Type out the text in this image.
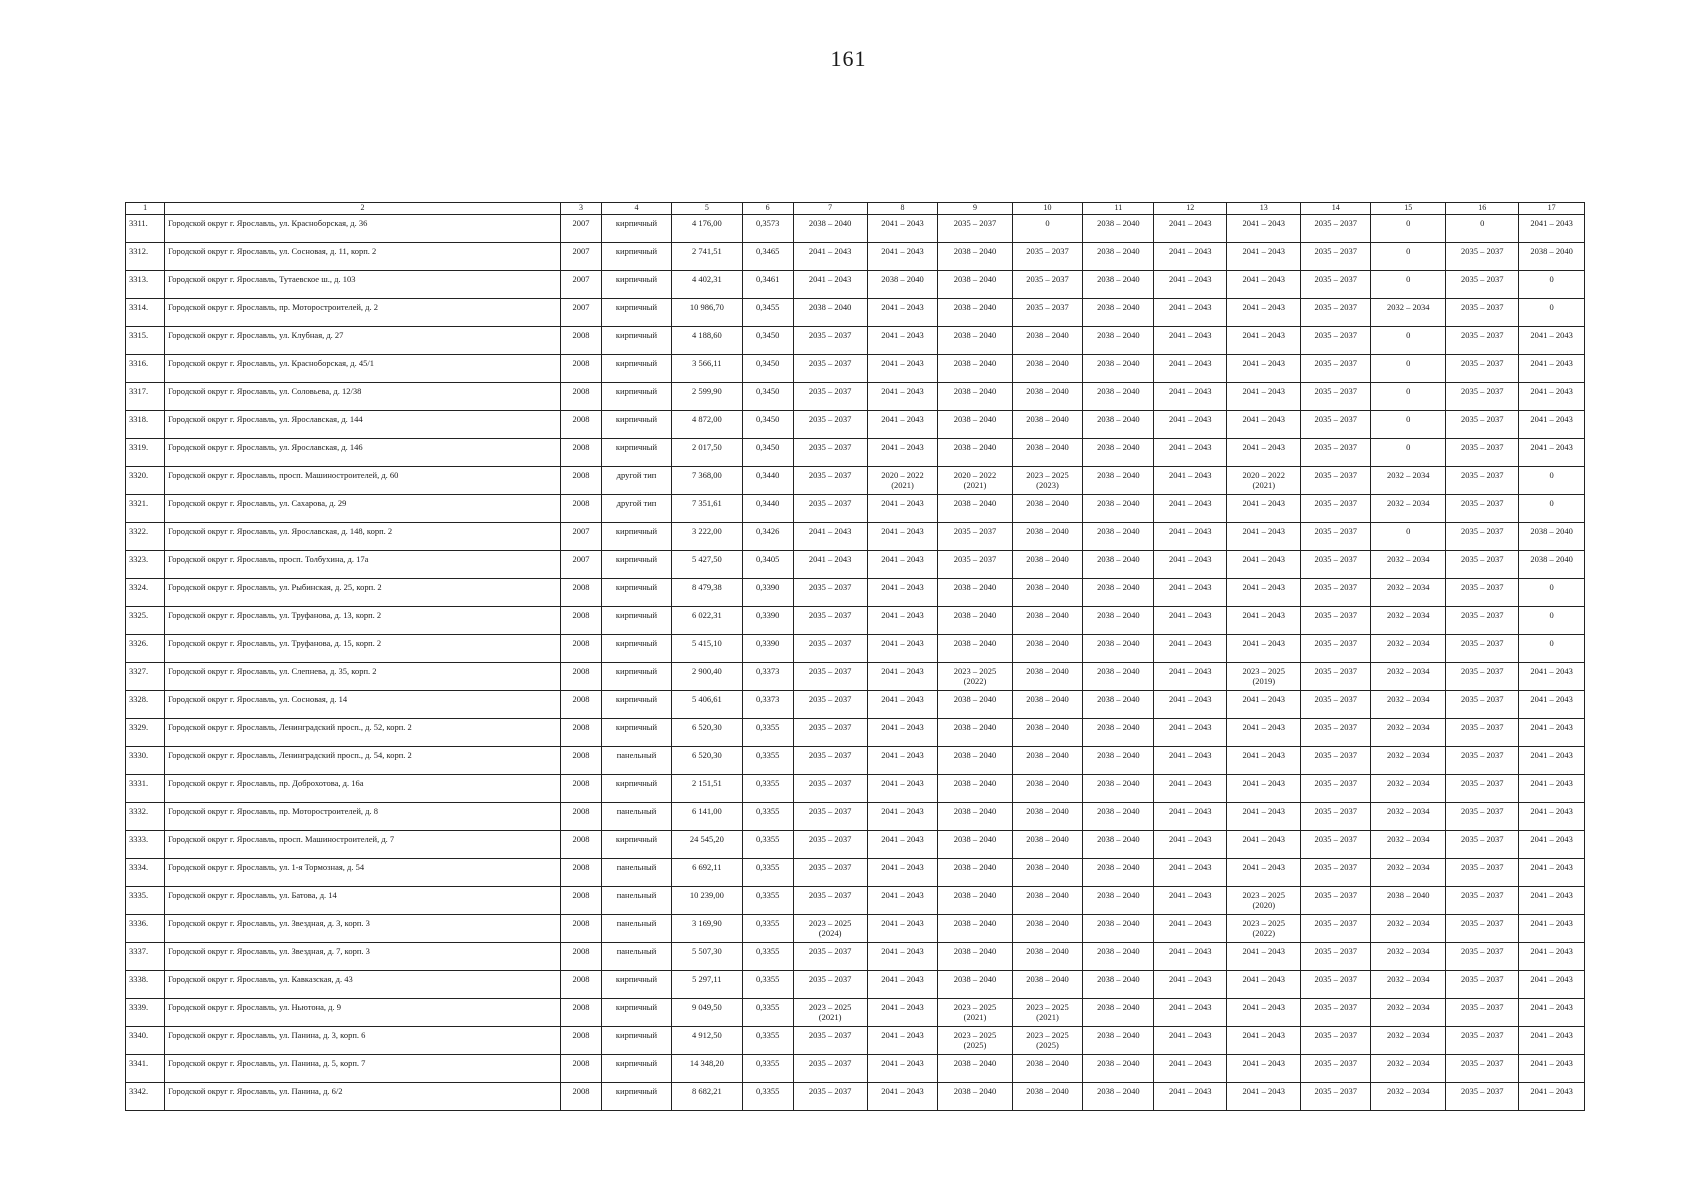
161
1	2	3	4	5	6	7	8	9	10	11	12	13	14	15	16	17

3311.	Городской округ г. Ярославль, ул. Красноборская, д. 36	2007	кирпичный	4 176,00	0,3573	2038 – 2040	2041 – 2043	2035 – 2037	0	2038 – 2040	2041 – 2043	2041 – 2043	2035 – 2037	0	0	2041 – 2043

3312.	Городской округ г. Ярославль, ул. Сосновая, д. 11, корп. 2	2007	кирпичный	2 741,51	0,3465	2041 – 2043	2041 – 2043	2038 – 2040	2035 – 2037	2038 – 2040	2041 – 2043	2041 – 2043	2035 – 2037	0	2035 – 2037	2038 – 2040

3313.	Городской округ г. Ярославль, Тутаевское ш., д. 103	2007	кирпичный	4 402,31	0,3461	2041 – 2043	2038 – 2040	2038 – 2040	2035 – 2037	2038 – 2040	2041 – 2043	2041 – 2043	2035 – 2037	0	2035 – 2037	0

3314.	Городской округ г. Ярославль, пр. Моторостроителей, д. 2	2007	кирпичный	10 986,70	0,3455	2038 – 2040	2041 – 2043	2038 – 2040	2035 – 2037	2038 – 2040	2041 – 2043	2041 – 2043	2035 – 2037	2032 – 2034	2035 – 2037	0

3315.	Городской округ г. Ярославль, ул. Клубная, д. 27	2008	кирпичный	4 188,60	0,3450	2035 – 2037	2041 – 2043	2038 – 2040	2038 – 2040	2038 – 2040	2041 – 2043	2041 – 2043	2035 – 2037	0	2035 – 2037	2041 – 2043

3316.	Городской округ г. Ярославль, ул. Красноборская, д. 45/1	2008	кирпичный	3 566,11	0,3450	2035 – 2037	2041 – 2043	2038 – 2040	2038 – 2040	2038 – 2040	2041 – 2043	2041 – 2043	2035 – 2037	0	2035 – 2037	2041 – 2043

3317.	Городской округ г. Ярославль, ул. Соловьева, д. 12/38	2008	кирпичный	2 599,90	0,3450	2035 – 2037	2041 – 2043	2038 – 2040	2038 – 2040	2038 – 2040	2041 – 2043	2041 – 2043	2035 – 2037	0	2035 – 2037	2041 – 2043

3318.	Городской округ г. Ярославль, ул. Ярославская, д. 144	2008	кирпичный	4 872,00	0,3450	2035 – 2037	2041 – 2043	2038 – 2040	2038 – 2040	2038 – 2040	2041 – 2043	2041 – 2043	2035 – 2037	0	2035 – 2037	2041 – 2043

3319.	Городской округ г. Ярославль, ул. Ярославская, д. 146	2008	кирпичный	2 017,50	0,3450	2035 – 2037	2041 – 2043	2038 – 2040	2038 – 2040	2038 – 2040	2041 – 2043	2041 – 2043	2035 – 2037	0	2035 – 2037	2041 – 2043

3320.	Городской округ г. Ярославль, просп. Машиностроителей, д. 60	2008	другой тип	7 368,00	0,3440	2035 – 2037	2020 – 2022
(2021)	2020 – 2022
(2021)	2023 – 2025
(2023)	2038 – 2040	2041 – 2043	2020 – 2022
(2021)	2035 – 2037	2032 – 2034	2035 – 2037	0

3321.	Городской округ г. Ярославль, ул. Сахарова, д. 29	2008	другой тип	7 351,61	0,3440	2035 – 2037	2041 – 2043	2038 – 2040	2038 – 2040	2038 – 2040	2041 – 2043	2041 – 2043	2035 – 2037	2032 – 2034	2035 – 2037	0

3322.	Городской округ г. Ярославль, ул. Ярославская, д. 148, корп. 2	2007	кирпичный	3 222,00	0,3426	2041 – 2043	2041 – 2043	2035 – 2037	2038 – 2040	2038 – 2040	2041 – 2043	2041 – 2043	2035 – 2037	0	2035 – 2037	2038 – 2040

3323.	Городской округ г. Ярославль, просп. Толбухина, д. 17а	2007	кирпичный	5 427,50	0,3405	2041 – 2043	2041 – 2043	2035 – 2037	2038 – 2040	2038 – 2040	2041 – 2043	2041 – 2043	2035 – 2037	2032 – 2034	2035 – 2037	2038 – 2040

3324.	Городской округ г. Ярославль, ул. Рыбинская, д. 25, корп. 2	2008	кирпичный	8 479,38	0,3390	2035 – 2037	2041 – 2043	2038 – 2040	2038 – 2040	2038 – 2040	2041 – 2043	2041 – 2043	2035 – 2037	2032 – 2034	2035 – 2037	0

3325.	Городской округ г. Ярославль, ул. Труфанова, д. 13, корп. 2	2008	кирпичный	6 022,31	0,3390	2035 – 2037	2041 – 2043	2038 – 2040	2038 – 2040	2038 – 2040	2041 – 2043	2041 – 2043	2035 – 2037	2032 – 2034	2035 – 2037	0

3326.	Городской округ г. Ярославль, ул. Труфанова, д. 15, корп. 2	2008	кирпичный	5 415,10	0,3390	2035 – 2037	2041 – 2043	2038 – 2040	2038 – 2040	2038 – 2040	2041 – 2043	2041 – 2043	2035 – 2037	2032 – 2034	2035 – 2037	0

3327.	Городской округ г. Ярославль, ул. Слепнева, д. 35, корп. 2	2008	кирпичный	2 900,40	0,3373	2035 – 2037	2041 – 2043	2023 – 2025
(2022)	2038 – 2040	2038 – 2040	2041 – 2043	2023 – 2025
(2019)	2035 – 2037	2032 – 2034	2035 – 2037	2041 – 2043

3328.	Городской округ г. Ярославль, ул. Сосновая, д. 14	2008	кирпичный	5 406,61	0,3373	2035 – 2037	2041 – 2043	2038 – 2040	2038 – 2040	2038 – 2040	2041 – 2043	2041 – 2043	2035 – 2037	2032 – 2034	2035 – 2037	2041 – 2043

3329.	Городской округ г. Ярославль, Ленинградский просп., д. 52, корп. 2	2008	кирпичный	6 520,30	0,3355	2035 – 2037	2041 – 2043	2038 – 2040	2038 – 2040	2038 – 2040	2041 – 2043	2041 – 2043	2035 – 2037	2032 – 2034	2035 – 2037	2041 – 2043

3330.	Городской округ г. Ярославль, Ленинградский просп., д. 54, корп. 2	2008	панельный	6 520,30	0,3355	2035 – 2037	2041 – 2043	2038 – 2040	2038 – 2040	2038 – 2040	2041 – 2043	2041 – 2043	2035 – 2037	2032 – 2034	2035 – 2037	2041 – 2043

3331.	Городской округ г. Ярославль, пр. Доброхотова, д. 16а	2008	кирпичный	2 151,51	0,3355	2035 – 2037	2041 – 2043	2038 – 2040	2038 – 2040	2038 – 2040	2041 – 2043	2041 – 2043	2035 – 2037	2032 – 2034	2035 – 2037	2041 – 2043

3332.	Городской округ г. Ярославль, пр. Моторостроителей, д. 8	2008	панельный	6 141,00	0,3355	2035 – 2037	2041 – 2043	2038 – 2040	2038 – 2040	2038 – 2040	2041 – 2043	2041 – 2043	2035 – 2037	2032 – 2034	2035 – 2037	2041 – 2043

3333.	Городской округ г. Ярославль, просп. Машиностроителей, д. 7	2008	кирпичный	24 545,20	0,3355	2035 – 2037	2041 – 2043	2038 – 2040	2038 – 2040	2038 – 2040	2041 – 2043	2041 – 2043	2035 – 2037	2032 – 2034	2035 – 2037	2041 – 2043

3334.	Городской округ г. Ярославль, ул. 1-я Тормозная, д. 54	2008	панельный	6 692,11	0,3355	2035 – 2037	2041 – 2043	2038 – 2040	2038 – 2040	2038 – 2040	2041 – 2043	2041 – 2043	2035 – 2037	2032 – 2034	2035 – 2037	2041 – 2043

3335.	Городской округ г. Ярославль, ул. Батова, д. 14	2008	панельный	10 239,00	0,3355	2035 – 2037	2041 – 2043	2038 – 2040	2038 – 2040	2038 – 2040	2041 – 2043	2023 – 2025
(2020)	2035 – 2037	2038 – 2040	2035 – 2037	2041 – 2043

3336.	Городской округ г. Ярославль, ул. Звездная, д. 3, корп. 3	2008	панельный	3 169,90	0,3355	2023 – 2025
(2024)	2041 – 2043	2038 – 2040	2038 – 2040	2038 – 2040	2041 – 2043	2023 – 2025
(2022)	2035 – 2037	2032 – 2034	2035 – 2037	2041 – 2043

3337.	Городской округ г. Ярославль, ул. Звездная, д. 7, корп. 3	2008	панельный	5 507,30	0,3355	2035 – 2037	2041 – 2043	2038 – 2040	2038 – 2040	2038 – 2040	2041 – 2043	2041 – 2043	2035 – 2037	2032 – 2034	2035 – 2037	2041 – 2043

3338.	Городской округ г. Ярославль, ул. Кавказская, д. 43	2008	кирпичный	5 297,11	0,3355	2035 – 2037	2041 – 2043	2038 – 2040	2038 – 2040	2038 – 2040	2041 – 2043	2041 – 2043	2035 – 2037	2032 – 2034	2035 – 2037	2041 – 2043

3339.	Городской округ г. Ярославль, ул. Ньютона, д. 9	2008	кирпичный	9 049,50	0,3355	2023 – 2025
(2021)	2041 – 2043	2023 – 2025
(2021)	2023 – 2025
(2021)	2038 – 2040	2041 – 2043	2041 – 2043	2035 – 2037	2032 – 2034	2035 – 2037	2041 – 2043

3340.	Городской округ г. Ярославль, ул. Панина, д. 3, корп. 6	2008	кирпичный	4 912,50	0,3355	2035 – 2037	2041 – 2043	2023 – 2025
(2025)	2023 – 2025
(2025)	2038 – 2040	2041 – 2043	2041 – 2043	2035 – 2037	2032 – 2034	2035 – 2037	2041 – 2043

3341.	Городской округ г. Ярославль, ул. Панина, д. 5, корп. 7	2008	кирпичный	14 348,20	0,3355	2035 – 2037	2041 – 2043	2038 – 2040	2038 – 2040	2038 – 2040	2041 – 2043	2041 – 2043	2035 – 2037	2032 – 2034	2035 – 2037	2041 – 2043

3342.	Городской округ г. Ярославль, ул. Панина, д. 6/2	2008	кирпичный	8 682,21	0,3355	2035 – 2037	2041 – 2043	2038 – 2040	2038 – 2040	2038 – 2040	2041 – 2043	2041 – 2043	2035 – 2037	2032 – 2034	2035 – 2037	2041 – 2043
